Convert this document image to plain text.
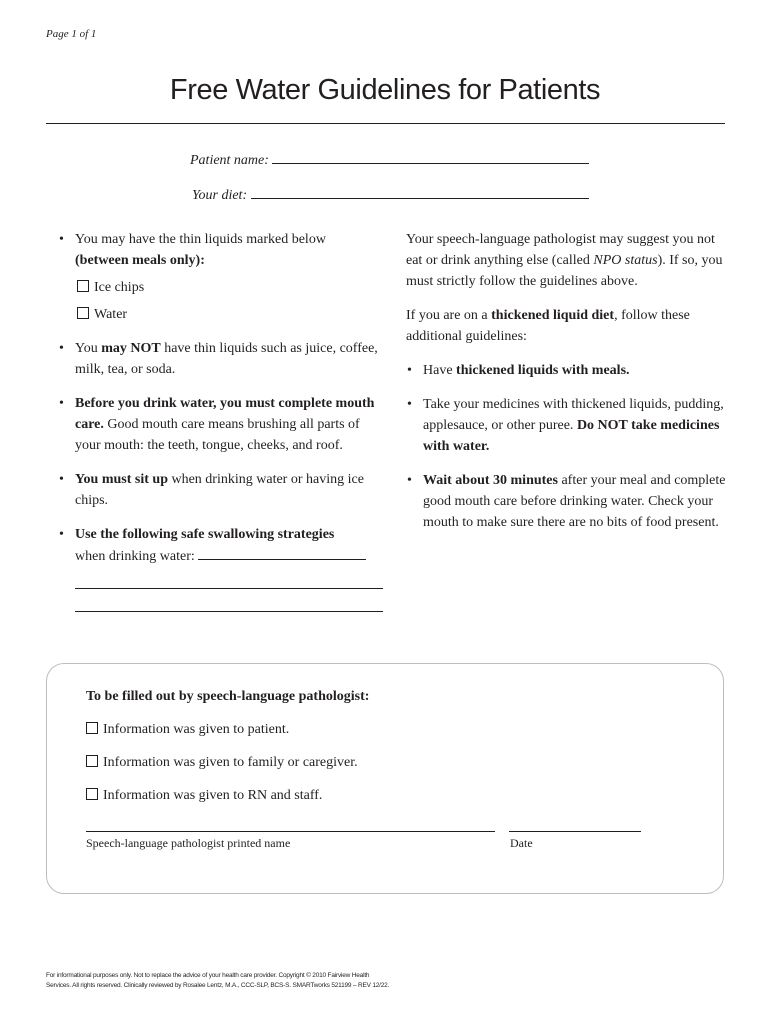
Page 1 of 1
Free Water Guidelines for Patients
Patient name:
Your diet:
• You may have the thin liquids marked below (between meals only):
Ice chips
Water
• You may NOT have thin liquids such as juice, coffee, milk, tea, or soda.
• Before you drink water, you must complete mouth care. Good mouth care means brushing all parts of your mouth: the teeth, tongue, cheeks, and roof.
• You must sit up when drinking water or having ice chips.
• Use the following safe swallowing strategies
when drinking water:
Your speech-language pathologist may suggest you not eat or drink anything else (called NPO status). If so, you must strictly follow the guidelines above.
If you are on a thickened liquid diet, follow these additional guidelines:
• Have thickened liquids with meals.
• Take your medicines with thickened liquids, pudding, applesauce, or other puree. Do NOT take medicines with water.
• Wait about 30 minutes after your meal and complete good mouth care before drinking water. Check your mouth to make sure there are no bits of food present.
To be filled out by speech-language pathologist:
Information was given to patient.
Information was given to family or caregiver.
Information was given to RN and staff.
Speech-language pathologist printed name	Date
For informational purposes only. Not to replace the advice of your health care provider. Copyright © 2010 Fairview Health
Services. All rights reserved. Clinically reviewed by Rosalee Lentz, M.A., CCC-SLP, BCS-S. SMARTworks 521199 – REV 12/22.
